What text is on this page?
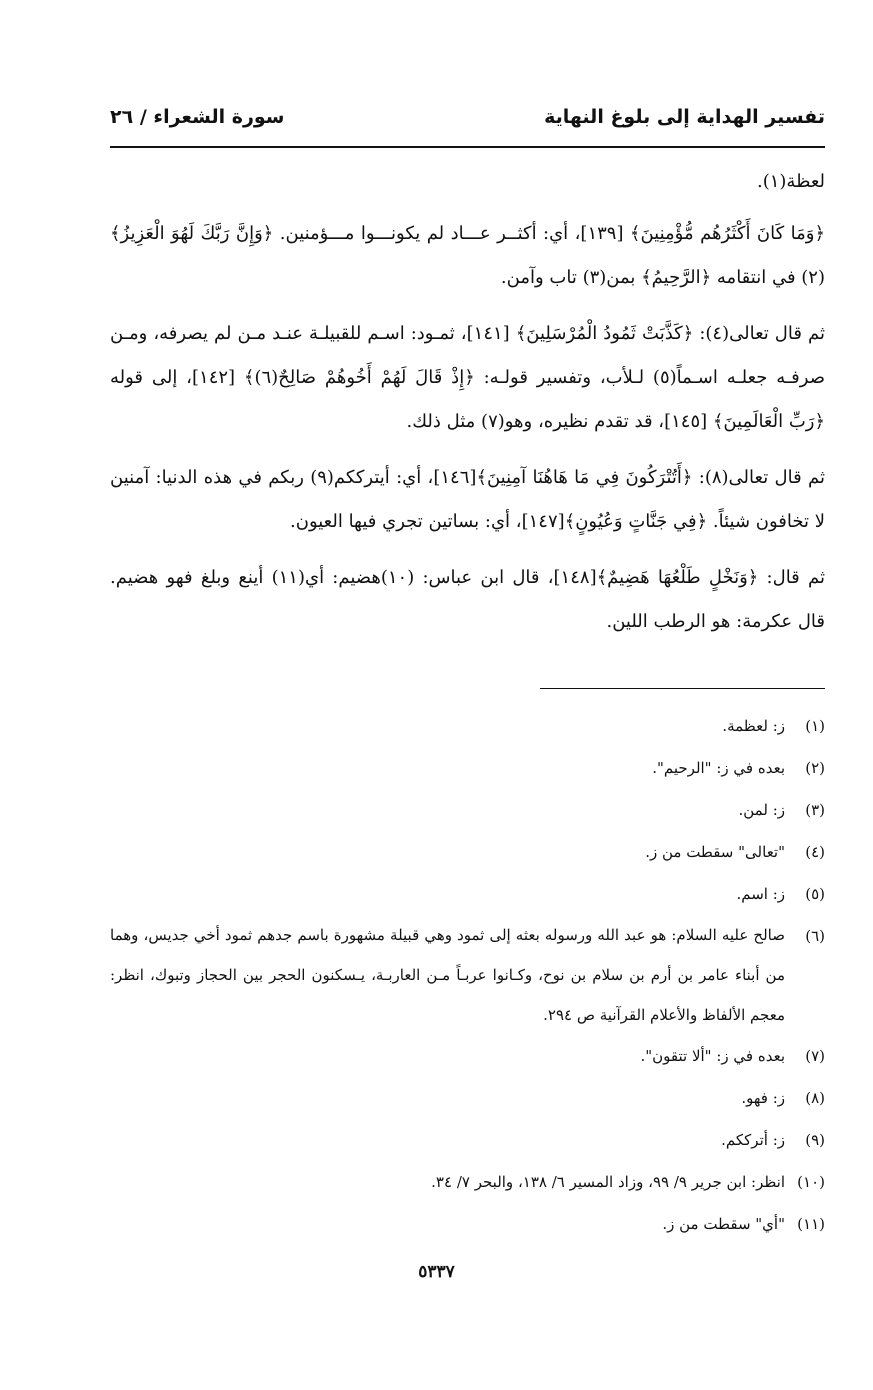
تفسير الهداية إلى بلوغ النهاية
سورة الشعراء / ٢٦

لعظة(١).

﴿وَمَا كَانَ أَكْثَرُهُم مُّؤْمِنِينَ﴾ [١٣٩]، أي: أكثــر عـــاد لم يكونـــوا مـــؤمنين. ﴿وَإِنَّ رَبَّكَ لَهُوَ الْعَزِيزُ﴾(٢) في انتقامه ﴿الرَّحِيمُ﴾ بمن(٣) تاب وآمن.

ثم قال تعالى(٤): ﴿كَذَّبَتْ ثَمُودُ الْمُرْسَلِينَ﴾ [١٤١]، ثمـود: اسـم للقبيلـة عنـد مـن لم يصرفه، ومـن صرفـه جعلـه اسـماً(٥) لـلأب، وتفسير قولـه: ﴿إِذْ قَالَ لَهُمْ أَخُوهُمْ صَالِحٌ(٦)﴾ [١٤٢]، إلى قوله ﴿رَبِّ الْعَالَمِينَ﴾ [١٤٥]، قد تقدم نظيره، وهو(٧) مثل ذلك.

ثم قال تعالى(٨): ﴿أَتُتْرَكُونَ فِي مَا هَاهُنَا آمِنِينَ﴾[١٤٦]، أي: أيتركك‍م(٩) ربك‍م في ه‍ذه الدنيا: آمنين لا تخافون شيئاً. ﴿فِي جَنَّاتٍ وَعُيُونٍ﴾[١٤٧]، أي: بساتين تجري فيها العيون.

ثم قال: ﴿وَنَخْلٍ طَلْعُهَا هَضِيمٌ﴾[١٤٨]، قال ابن عباس: (١٠)هضيم: أي(١١) أينع وبلغ فهو هضيم. قال عكرمة: هو الرطب اللين.

(١)
ز: لعظمة.
(٢)
بعده في ز: "الرحيم".
(٣)
ز: لمن.
(٤)
"تعالى" سقطت من ز.
(٥)
ز: اسم.
(٦)
صالح عليه السلام: هو عبد الله ورسوله بعثه إلى ثمود وهي قبيلة مشهورة باسم جدهم ثمود أخي جديس، وهما من أبناء عامر بن أرم بن سلام بن نوح، وكـانوا عربـاً مـن العاربـة، يـسكنون الحجر بين الحجاز وتبوك، انظر: معجم الألفاظ والأعلام القرآنية ص ٢٩٤.
(٧)
بعده في ز: "ألا تتقون".
(٨)
ز: فهو.
(٩)
ز: أتركك‍م.
(١٠)
انظر: ابن جرير ٩/ ٩٩، وزاد المسير ٦/ ١٣٨، والبحر ٧/ ٣٤.
(١١)
"أي" سقطت من ز.
٥٣٣٧
